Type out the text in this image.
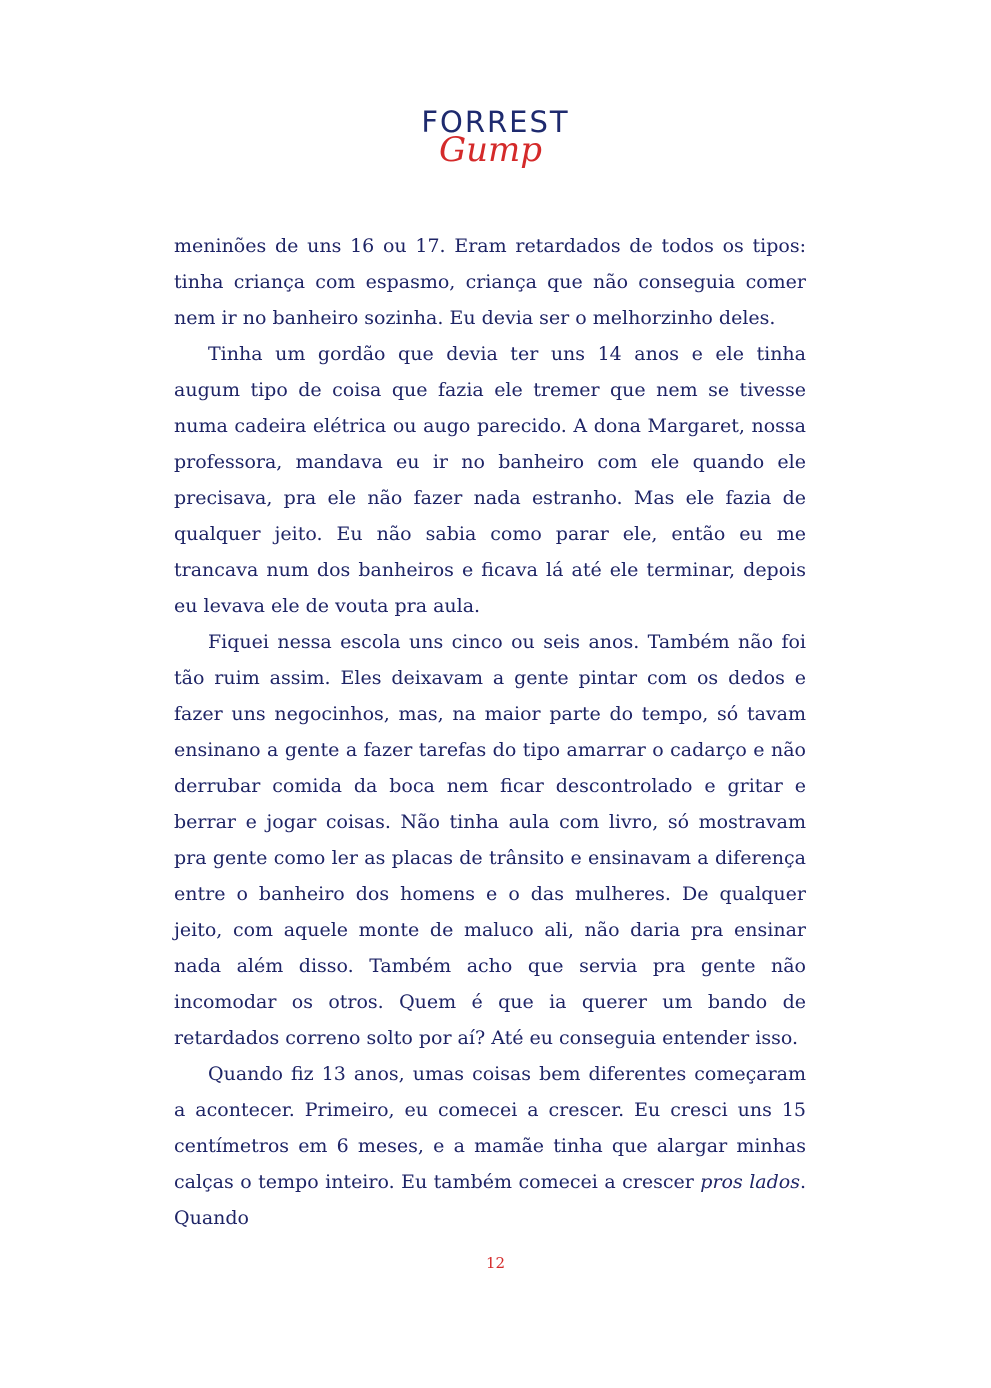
FORREST
Gump

meninões de uns 16 ou 17. Eram retardados de todos os tipos: tinha criança com espasmo, criança que não conseguia comer nem ir no banheiro sozinha. Eu devia ser o melhorzinho deles.

Tinha um gordão que devia ter uns 14 anos e ele tinha augum tipo de coisa que fazia ele tremer que nem se tivesse numa cadeira elétrica ou augo parecido. A dona Margaret, nossa professora, mandava eu ir no banheiro com ele quando ele precisava, pra ele não fazer nada estranho. Mas ele fazia de qualquer jeito. Eu não sabia como parar ele, então eu me trancava num dos banheiros e ficava lá até ele terminar, depois eu levava ele de vouta pra aula.

Fiquei nessa escola uns cinco ou seis anos. Também não foi tão ruim assim. Eles deixavam a gente pintar com os dedos e fazer uns negocinhos, mas, na maior parte do tempo, só tavam ensinano a gente a fazer tarefas do tipo amarrar o cadarço e não derrubar comida da boca nem ficar descontrolado e gritar e berrar e jogar coisas. Não tinha aula com livro, só mostravam pra gente como ler as placas de trânsito e ensinavam a diferença entre o banheiro dos homens e o das mulheres. De qualquer jeito, com aquele monte de maluco ali, não daria pra ensinar nada além disso. Também acho que servia pra gente não incomodar os otros. Quem é que ia querer um bando de retardados correno solto por aí? Até eu conseguia entender isso.

Quando fiz 13 anos, umas coisas bem diferentes começaram a acontecer. Primeiro, eu comecei a crescer. Eu cresci uns 15 centímetros em 6 meses, e a mamãe tinha que alargar minhas calças o tempo inteiro. Eu também comecei a crescer pros lados. Quando

12
